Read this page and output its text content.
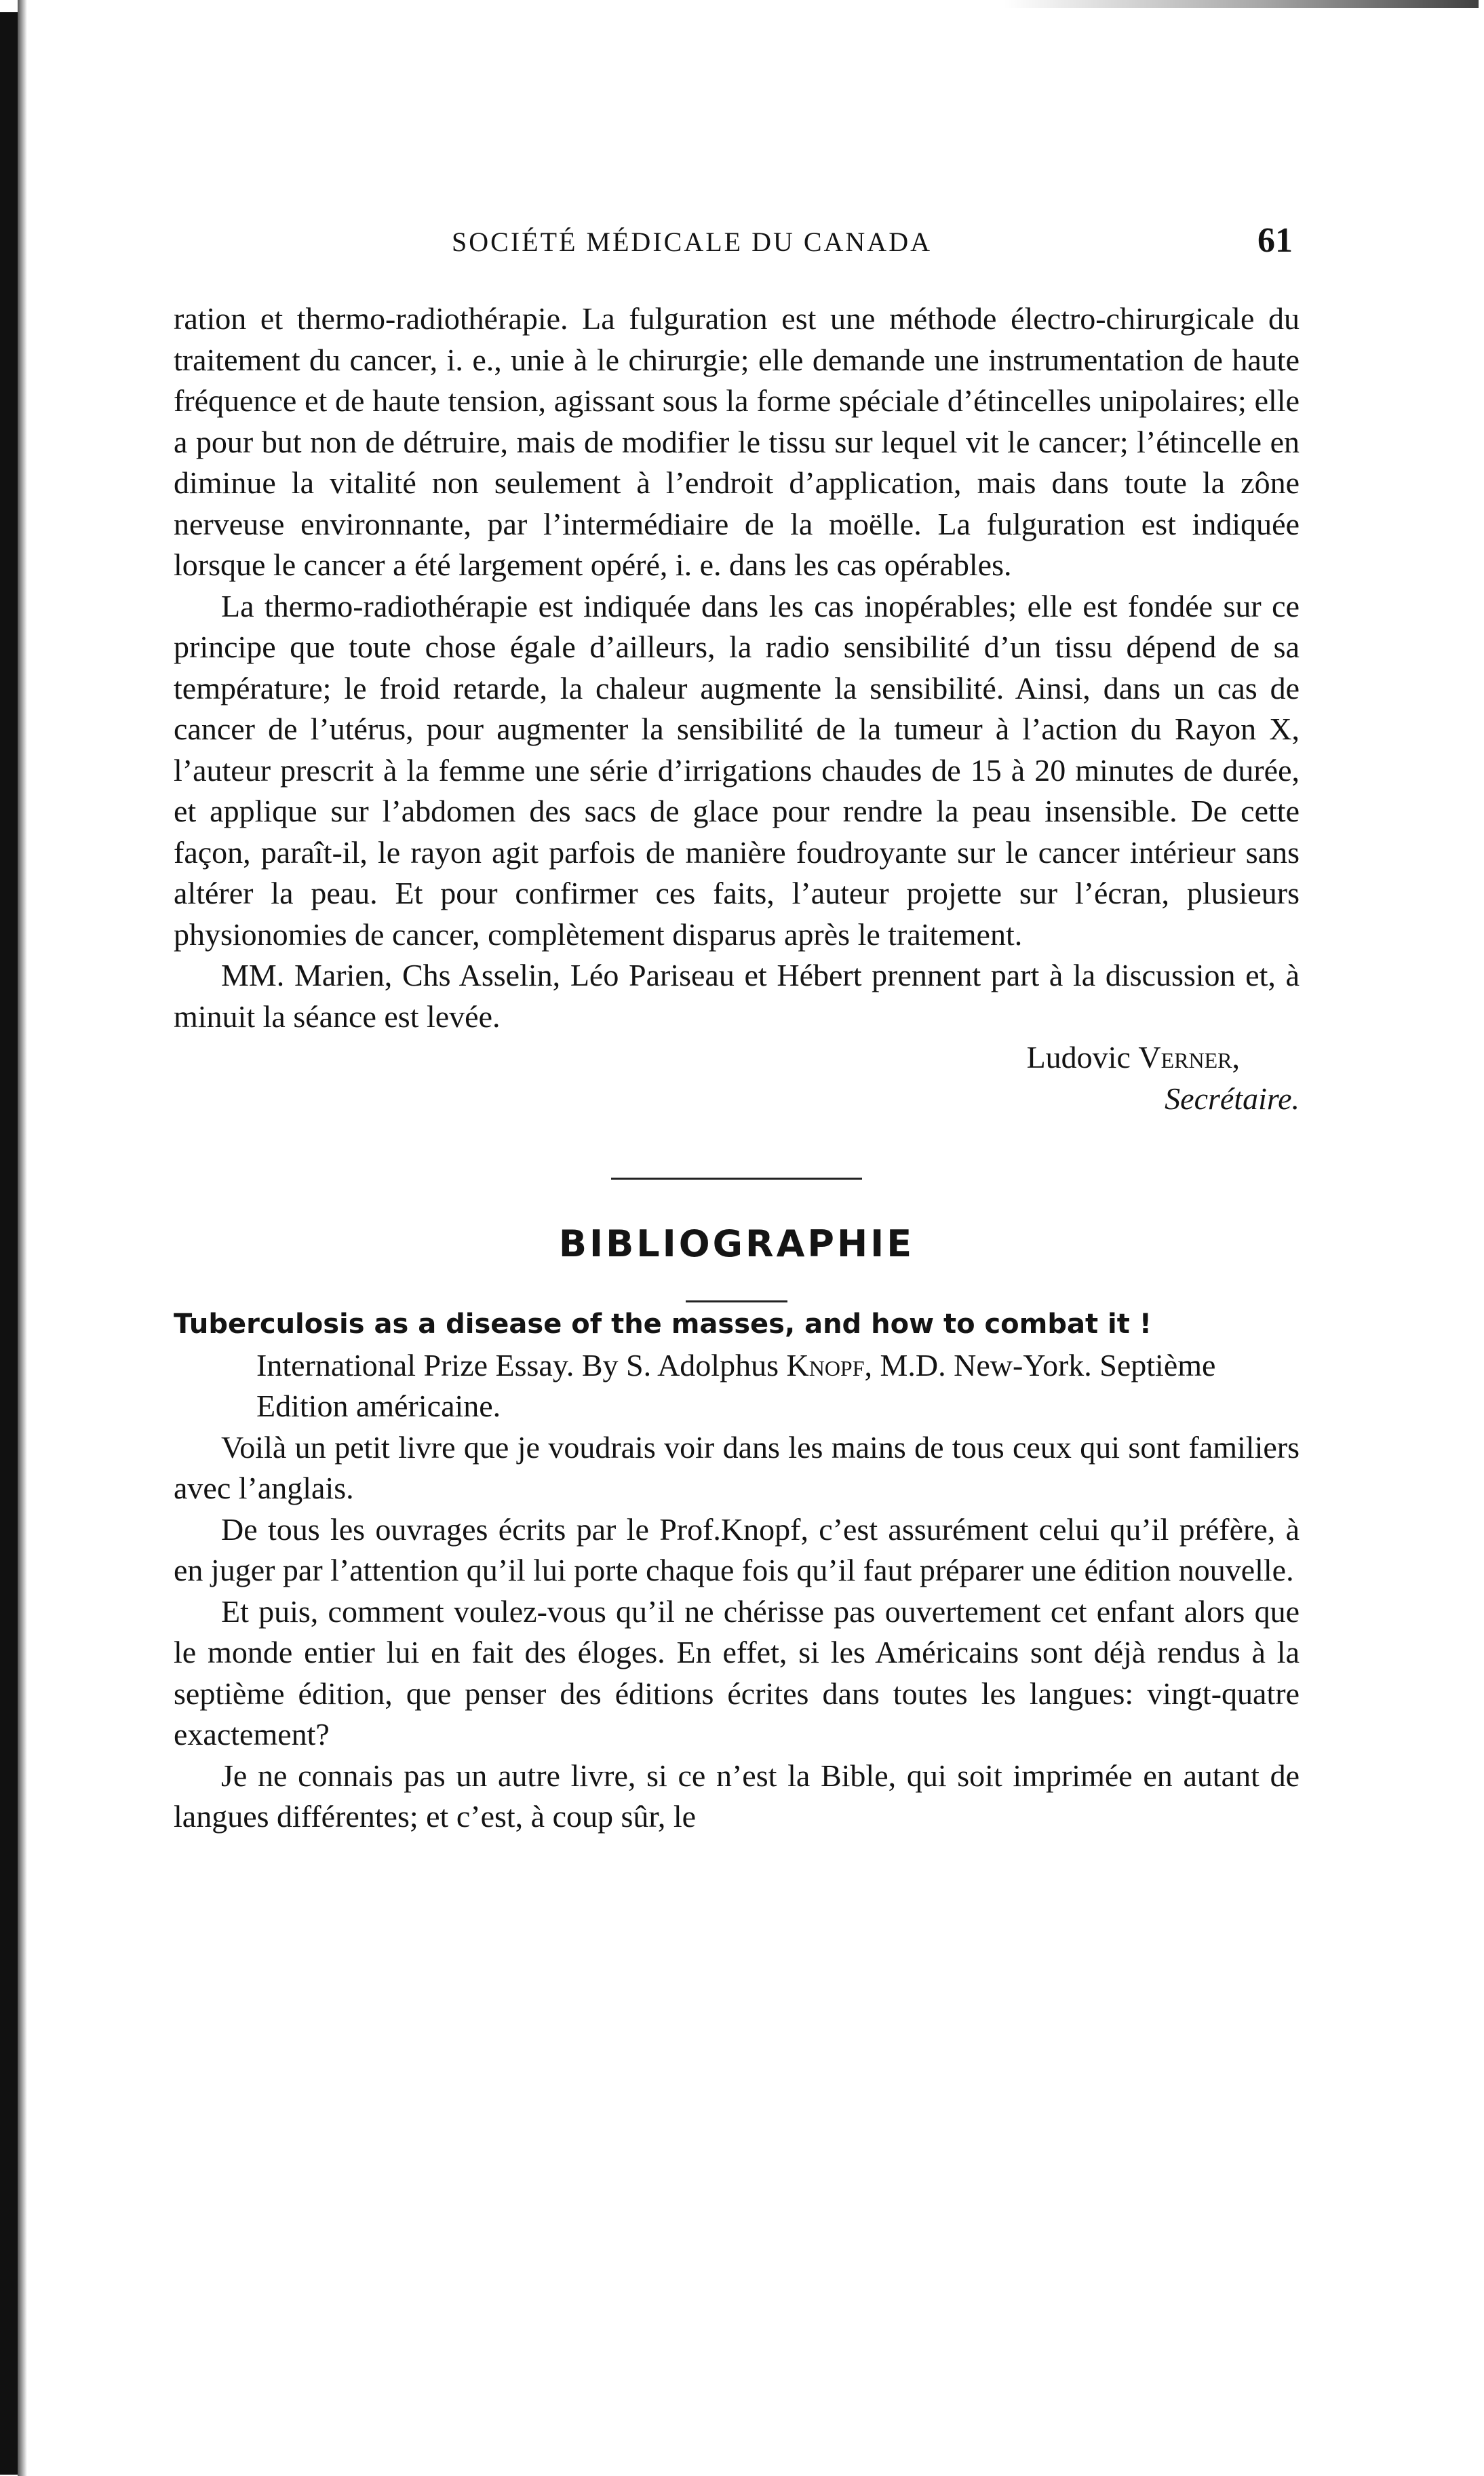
SOCIÉTÉ MÉDICALE DU CANADA	61

ration et thermo-radiothérapie. La fulguration est une méthode électro-chirurgicale du traitement du cancer, i. e., unie à le chirurgie; elle demande une instrumentation de haute fréquence et de haute tension, agissant sous la forme spéciale d’étincelles unipolaires; elle a pour but non de détruire, mais de modifier le tissu sur lequel vit le cancer; l’étincelle en diminue la vitalité non seulement à l’endroit d’application, mais dans toute la zône nerveuse environnante, par l’intermédiaire de la moëlle. La fulguration est indiquée lorsque le cancer a été largement opéré, i. e. dans les cas opérables.

La thermo-radiothérapie est indiquée dans les cas inopérables; elle est fondée sur ce principe que toute chose égale d’ailleurs, la radio sensibilité d’un tissu dépend de sa température; le froid retarde, la chaleur augmente la sensibilité. Ainsi, dans un cas de cancer de l’utérus, pour augmenter la sensibilité de la tumeur à l’action du Rayon X, l’auteur prescrit à la femme une série d’irrigations chaudes de 15 à 20 minutes de durée, et applique sur l’abdomen des sacs de glace pour rendre la peau insensible. De cette façon, paraît-il, le rayon agit parfois de manière foudroyante sur le cancer intérieur sans altérer la peau. Et pour confirmer ces faits, l’auteur projette sur l’écran, plusieurs physionomies de cancer, complètement disparus après le traitement.

MM. Marien, Chs Asselin, Léo Pariseau et Hébert prennent part à la discussion et, à minuit la séance est levée.

Ludovic Verner,

Secrétaire.

BIBLIOGRAPHIE

Tuberculosis as a disease of the masses, and how to combat it ! International Prize Essay. By S. Adolphus Knopf, M.D. New-York. Septième Edition américaine.

Voilà un petit livre que je voudrais voir dans les mains de tous ceux qui sont familiers avec l’anglais.

De tous les ouvrages écrits par le Prof.Knopf, c’est assurément celui qu’il préfère, à en juger par l’attention qu’il lui porte chaque fois qu’il faut préparer une édition nouvelle.

Et puis, comment voulez-vous qu’il ne chérisse pas ouvertement cet enfant alors que le monde entier lui en fait des éloges. En effet, si les Américains sont déjà rendus à la septième édition, que penser des éditions écrites dans toutes les langues: vingt-quatre exactement?

Je ne connais pas un autre livre, si ce n’est la Bible, qui soit imprimée en autant de langues différentes; et c’est, à coup sûr, le
